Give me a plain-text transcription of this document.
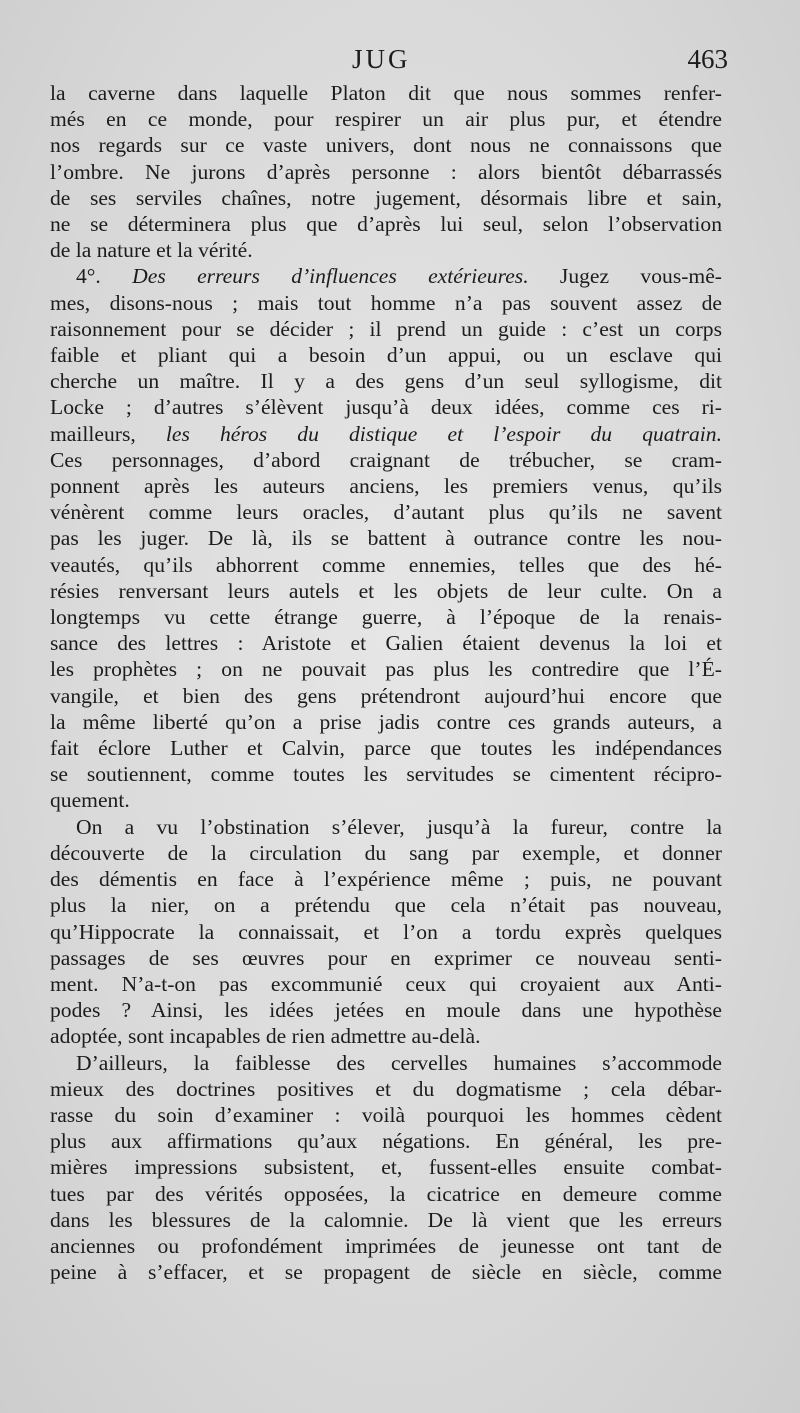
JUG	463

la caverne dans laquelle Platon dit que nous sommes renfer-
més en ce monde, pour respirer un air plus pur, et étendre
nos regards sur ce vaste univers, dont nous ne connaissons que
l’ombre. Ne jurons d’après personne : alors bientôt débarrassés
de ses serviles chaînes, notre jugement, désormais libre et sain,
ne se déterminera plus que d’après lui seul, selon l’observation
de la nature et la vérité.

4°. Des erreurs d’influences extérieures. Jugez vous-mê-
mes, disons-nous ; mais tout homme n’a pas souvent assez de
raisonnement pour se décider ; il prend un guide : c’est un corps
faible et pliant qui a besoin d’un appui, ou un esclave qui
cherche un maître. Il y a des gens d’un seul syllogisme, dit
Locke ; d’autres s’élèvent jusqu’à deux idées, comme ces ri-
mailleurs, les héros du distique et l’espoir du quatrain.
Ces personnages, d’abord craignant de trébucher, se cram-
ponnent après les auteurs anciens, les premiers venus, qu’ils
vénèrent comme leurs oracles, d’autant plus qu’ils ne savent
pas les juger. De là, ils se battent à outrance contre les nou-
veautés, qu’ils abhorrent comme ennemies, telles que des hé-
résies renversant leurs autels et les objets de leur culte. On a
longtemps vu cette étrange guerre, à l’époque de la renais-
sance des lettres : Aristote et Galien étaient devenus la loi et
les prophètes ; on ne pouvait pas plus les contredire que l’É-
vangile, et bien des gens prétendront aujourd’hui encore que
la même liberté qu’on a prise jadis contre ces grands auteurs, a
fait éclore Luther et Calvin, parce que toutes les indépendances
se soutiennent, comme toutes les servitudes se cimentent récipro-
quement.

On a vu l’obstination s’élever, jusqu’à la fureur, contre la
découverte de la circulation du sang par exemple, et donner
des démentis en face à l’expérience même ; puis, ne pouvant
plus la nier, on a prétendu que cela n’était pas nouveau,
qu’Hippocrate la connaissait, et l’on a tordu exprès quelques
passages de ses œuvres pour en exprimer ce nouveau senti-
ment. N’a-t-on pas excommunié ceux qui croyaient aux Anti-
podes ? Ainsi, les idées jetées en moule dans une hypothèse
adoptée, sont incapables de rien admettre au-delà.

D’ailleurs, la faiblesse des cervelles humaines s’accommode
mieux des doctrines positives et du dogmatisme ; cela débar-
rasse du soin d’examiner : voilà pourquoi les hommes cèdent
plus aux affirmations qu’aux négations. En général, les pre-
mières impressions subsistent, et, fussent-elles ensuite combat-
tues par des vérités opposées, la cicatrice en demeure comme
dans les blessures de la calomnie. De là vient que les erreurs
anciennes ou profondément imprimées de jeunesse ont tant de
peine à s’effacer, et se propagent de siècle en siècle, comme
